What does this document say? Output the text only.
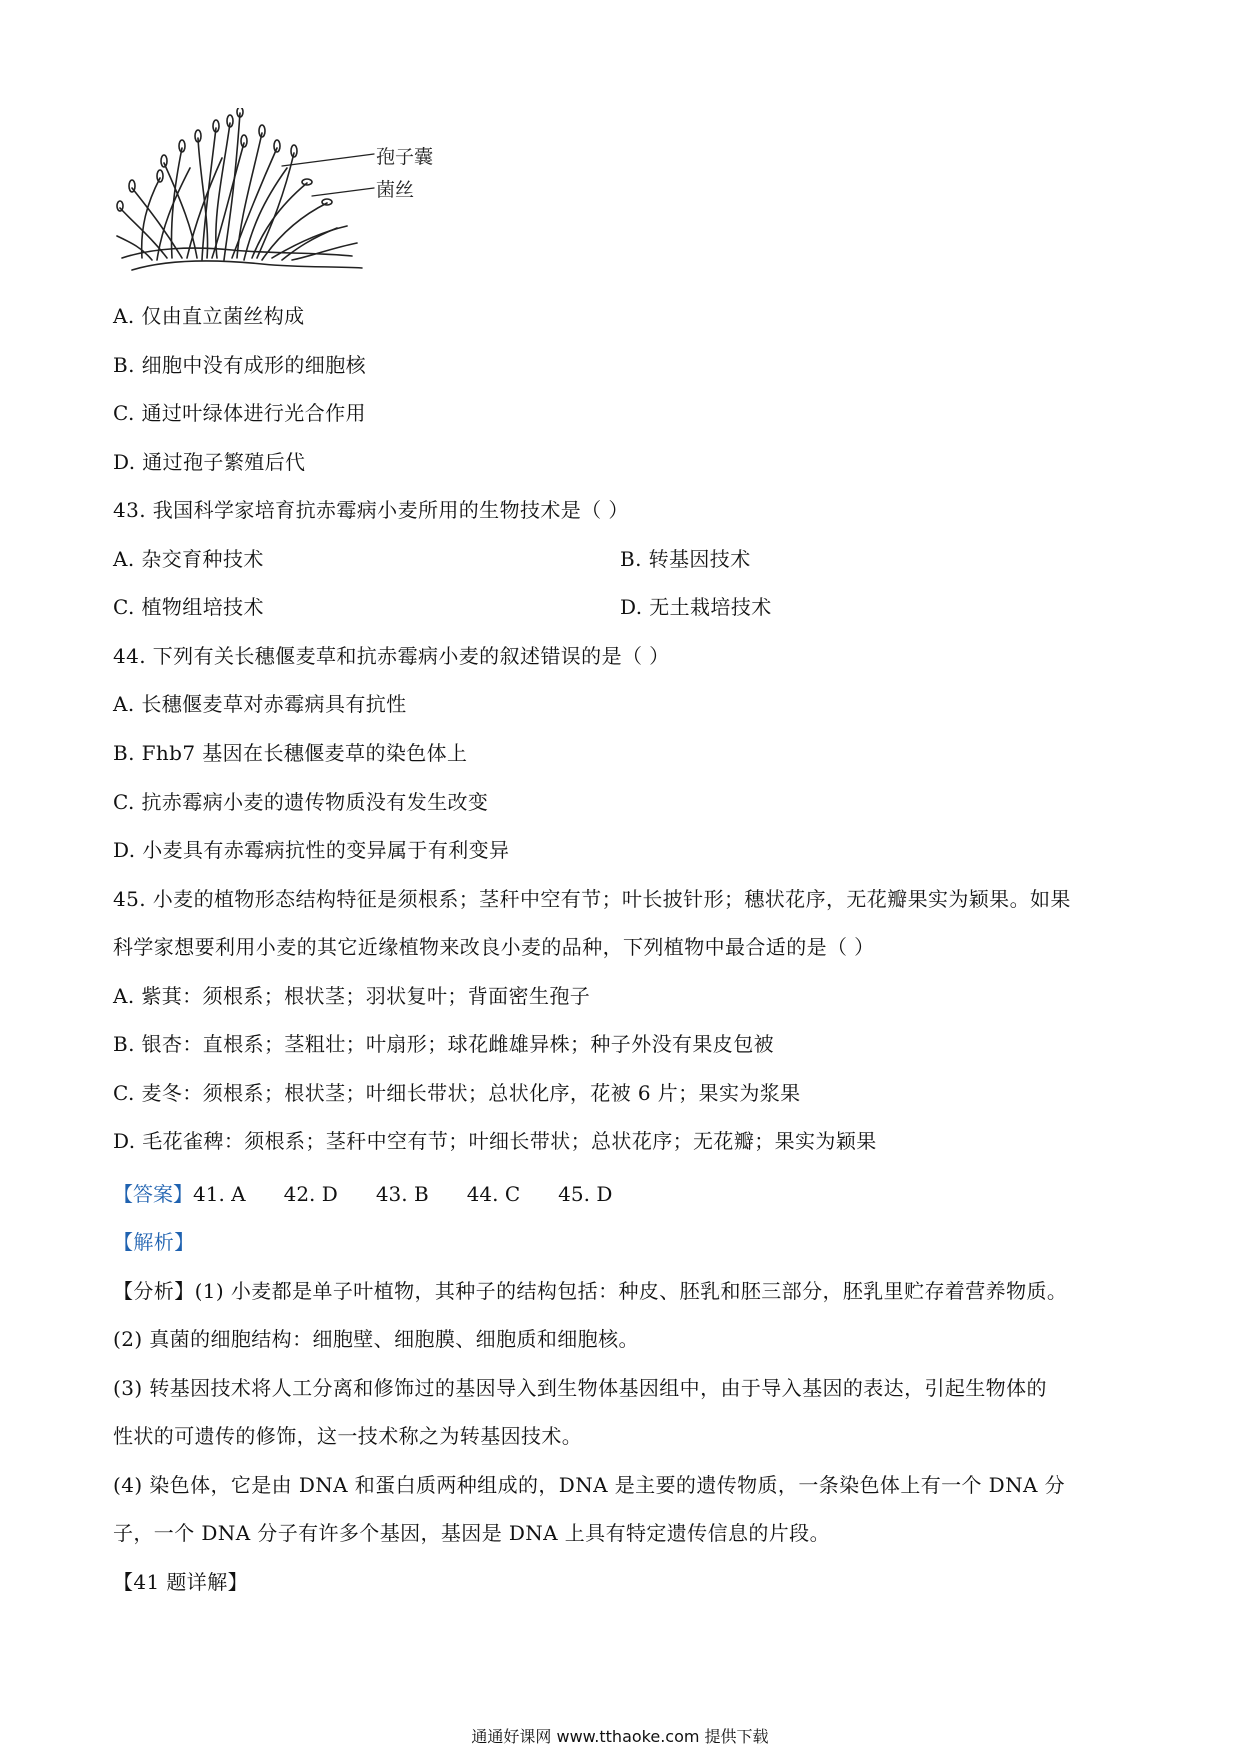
孢子囊
菌丝
A. 仅由直立菌丝构成
B. 细胞中没有成形的细胞核
C. 通过叶绿体进行光合作用
D. 通过孢子繁殖后代
43. 我国科学家培育抗赤霉病小麦所用的生物技术是（ ）
A. 杂交育种技术	B. 转基因技术
C. 植物组培技术	D. 无土栽培技术
44. 下列有关长穗偃麦草和抗赤霉病小麦的叙述错误的是（ ）
A. 长穗偃麦草对赤霉病具有抗性
B. Fhb7 基因在长穗偃麦草的染色体上
C. 抗赤霉病小麦的遗传物质没有发生改变
D. 小麦具有赤霉病抗性的变异属于有利变异
45. 小麦的植物形态结构特征是须根系；茎秆中空有节；叶长披针形；穗状花序，无花瓣果实为颖果。如果
科学家想要利用小麦的其它近缘植物来改良小麦的品种，下列植物中最合适的是（ ）
A. 紫萁：须根系；根状茎；羽状复叶；背面密生孢子
B. 银杏：直根系；茎粗壮；叶扇形；球花雌雄异株；种子外没有果皮包被
C. 麦冬：须根系；根状茎；叶细长带状；总状化序，花被 6 片；果实为浆果
D. 毛花雀稗：须根系；茎秆中空有节；叶细长带状；总状花序；无花瓣；果实为颖果
【答案】41. A 42. D 43. B 44. C 45. D
【解析】
【分析】(1) 小麦都是单子叶植物，其种子的结构包括：种皮、胚乳和胚三部分，胚乳里贮存着营养物质。
(2) 真菌的细胞结构：细胞壁、细胞膜、细胞质和细胞核。
(3) 转基因技术将人工分离和修饰过的基因导入到生物体基因组中，由于导入基因的表达，引起生物体的
性状的可遗传的修饰，这一技术称之为转基因技术。
(4) 染色体，它是由 DNA 和蛋白质两种组成的，DNA 是主要的遗传物质，一条染色体上有一个 DNA 分
子，一个 DNA 分子有许多个基因，基因是 DNA 上具有特定遗传信息的片段。
【41 题详解】
通通好课网 www.tthaoke.com 提供下载
